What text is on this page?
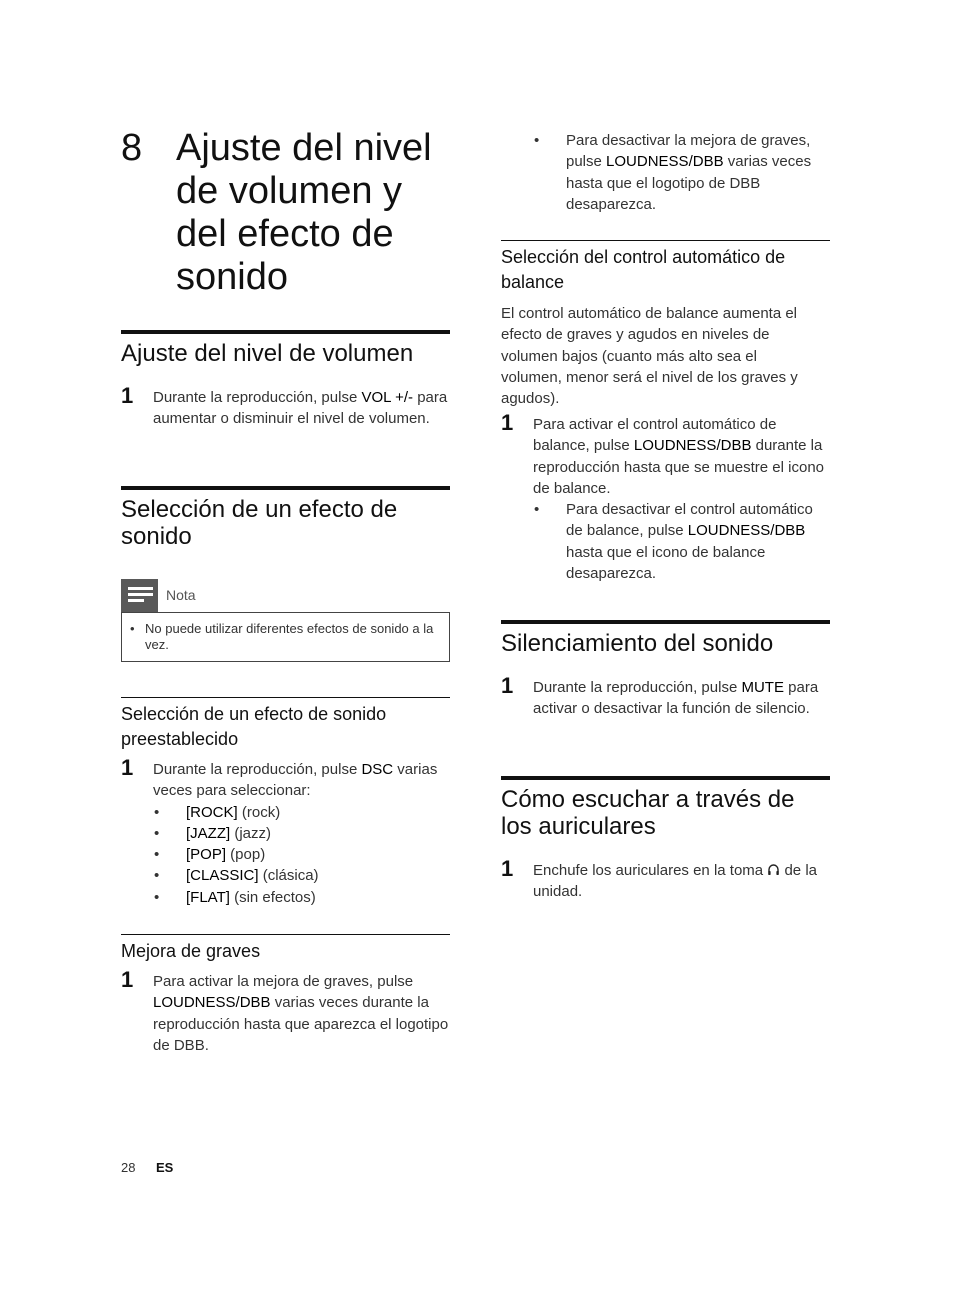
8 Ajuste del nivel
de volumen y
del efecto de
sonido
Ajuste del nivel de volumen
1 Durante la reproducción, pulse VOL +/- para aumentar o disminuir el nivel de volumen.

Selección de un efecto de sonido
Nota
• No puede utilizar diferentes efectos de sonido a la vez.
Selección de un efecto de sonido preestablecido
1 Durante la reproducción, pulse DSC varias veces para seleccionar:

• [ROCK] (rock)
• [JAZZ] (jazz)
• [POP] (pop)
• [CLASSIC] (clásica)
• [FLAT] (sin efectos)
Mejora de graves
1 Para activar la mejora de graves, pulse LOUDNESS/DBB varias veces durante la reproducción hasta que aparezca el logotipo de DBB.

• Para desactivar la mejora de graves, pulse LOUDNESS/DBB varias veces hasta que el logotipo de DBB desaparezca.
Selección del control automático de balance

El control automático de balance aumenta el efecto de graves y agudos en niveles de volumen bajos (cuanto más alto sea el volumen, menor será el nivel de los graves y agudos).

1 Para activar el control automático de balance, pulse LOUDNESS/DBB durante la reproducción hasta que se muestre el icono de balance.

• Para desactivar el control automático de balance, pulse LOUDNESS/DBB hasta que el icono de balance desaparezca.
Silenciamiento del sonido
1 Durante la reproducción, pulse MUTE para activar o desactivar la función de silencio.

Cómo escuchar a través de los auriculares
1 Enchufe los auriculares en la toma  de la unidad.

28 ES
